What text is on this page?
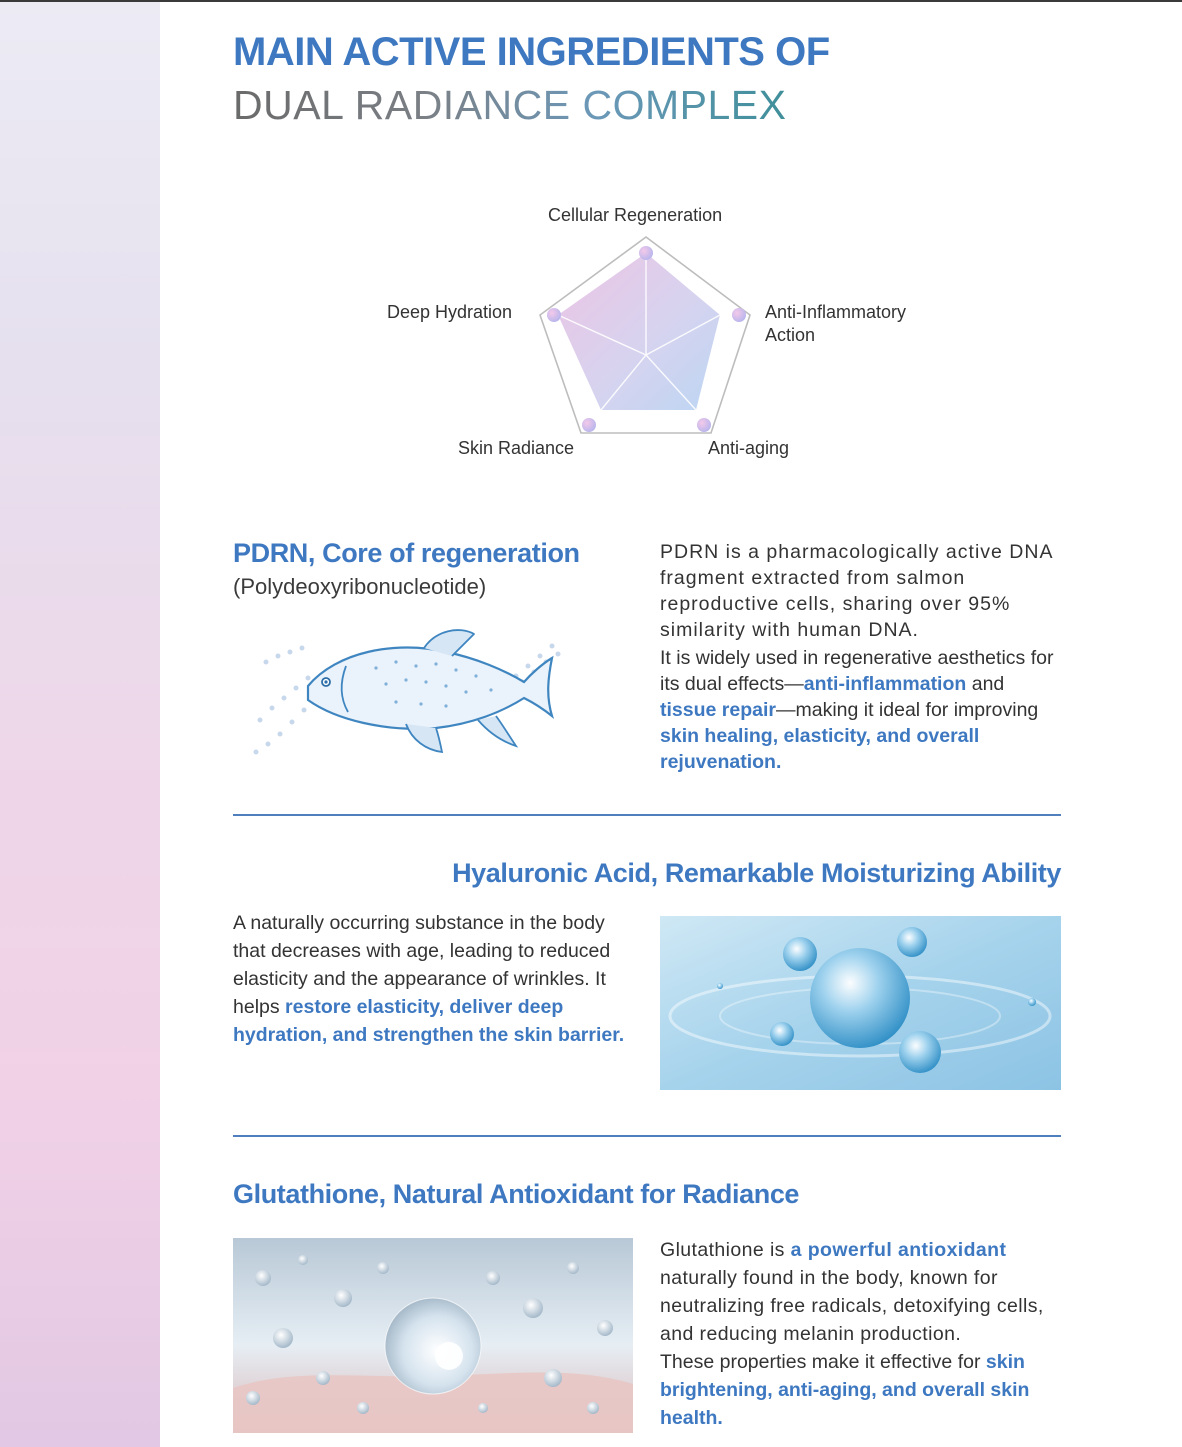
MAIN ACTIVE INGREDIENTS OF
DUAL RADIANCE COMPLEX
Cellular Regeneration
Anti-Inflammatory
Action
Anti-aging
Skin Radiance
Deep Hydration
PDRN, Core of regeneration
(Polydeoxyribonucleotide)

PDRN is a pharmacologically active DNA fragment extracted from salmon reproductive cells, sharing over 95% similarity with human DNA.

It is widely used in regenerative aesthetics for its dual effects—anti-inflammation and tissue repair—making it ideal for improving skin healing, elasticity, and overall rejuvenation.

Hyaluronic Acid, Remarkable Moisturizing Ability

A naturally occurring substance in the body that decreases with age, leading to reduced elasticity and the appearance of wrinkles. It helps restore elasticity, deliver deep hydration, and strengthen the skin barrier.

Glutathione, Natural Antioxidant for Radiance

Glutathione is a powerful antioxidant naturally found in the body, known for neutralizing free radicals, detoxifying cells, and reducing melanin production.

These properties make it effective for skin brightening, anti-aging, and overall skin health.
